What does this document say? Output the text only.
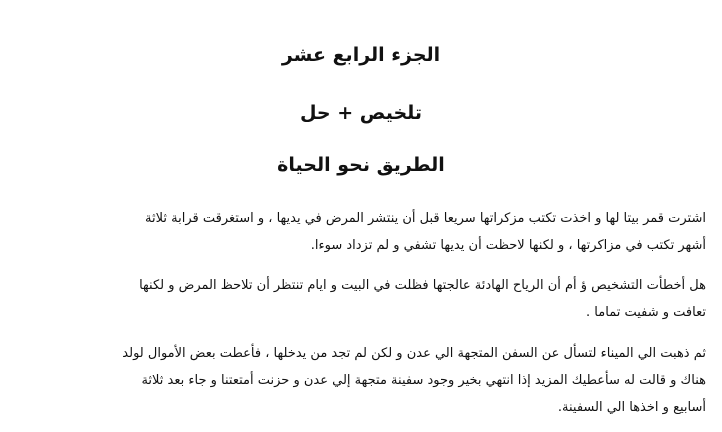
الجزء الرابع عشر
تلخيص + حل
الطريق نحو الحياة
اشترت قمر بيتا لها و اخذت تكتب مزكراتها سريعا قبل أن ينتشر المرض في يديها ، و استغرقت قرابة ثلاثة
أشهر تكتب في مزاكرتها ، و لكنها لاحظت أن يديها تشفي و لم تزداد سوءا.
هل أخطأت التشخيص ؤ أم أن الرياح الهادئة عالجتها فظلت في البيت و ايام تنتظر أن تلاحظ المرض و لكنها
تعافت و شفيت تماما .
ثم ذهبت الي الميناء لتسأل عن السفن المتجهة الي عدن و لكن لم تجد من يدخلها ، فأعطت بعض الأموال لولد
هناك و قالت له سأعطيك المزيد إذا انتهي بخير وجود سفينة متجهة إلي عدن و حزنت أمتعتنا و جاء بعد ثلاثة
أسابيع و اخذها الي السفينة.
